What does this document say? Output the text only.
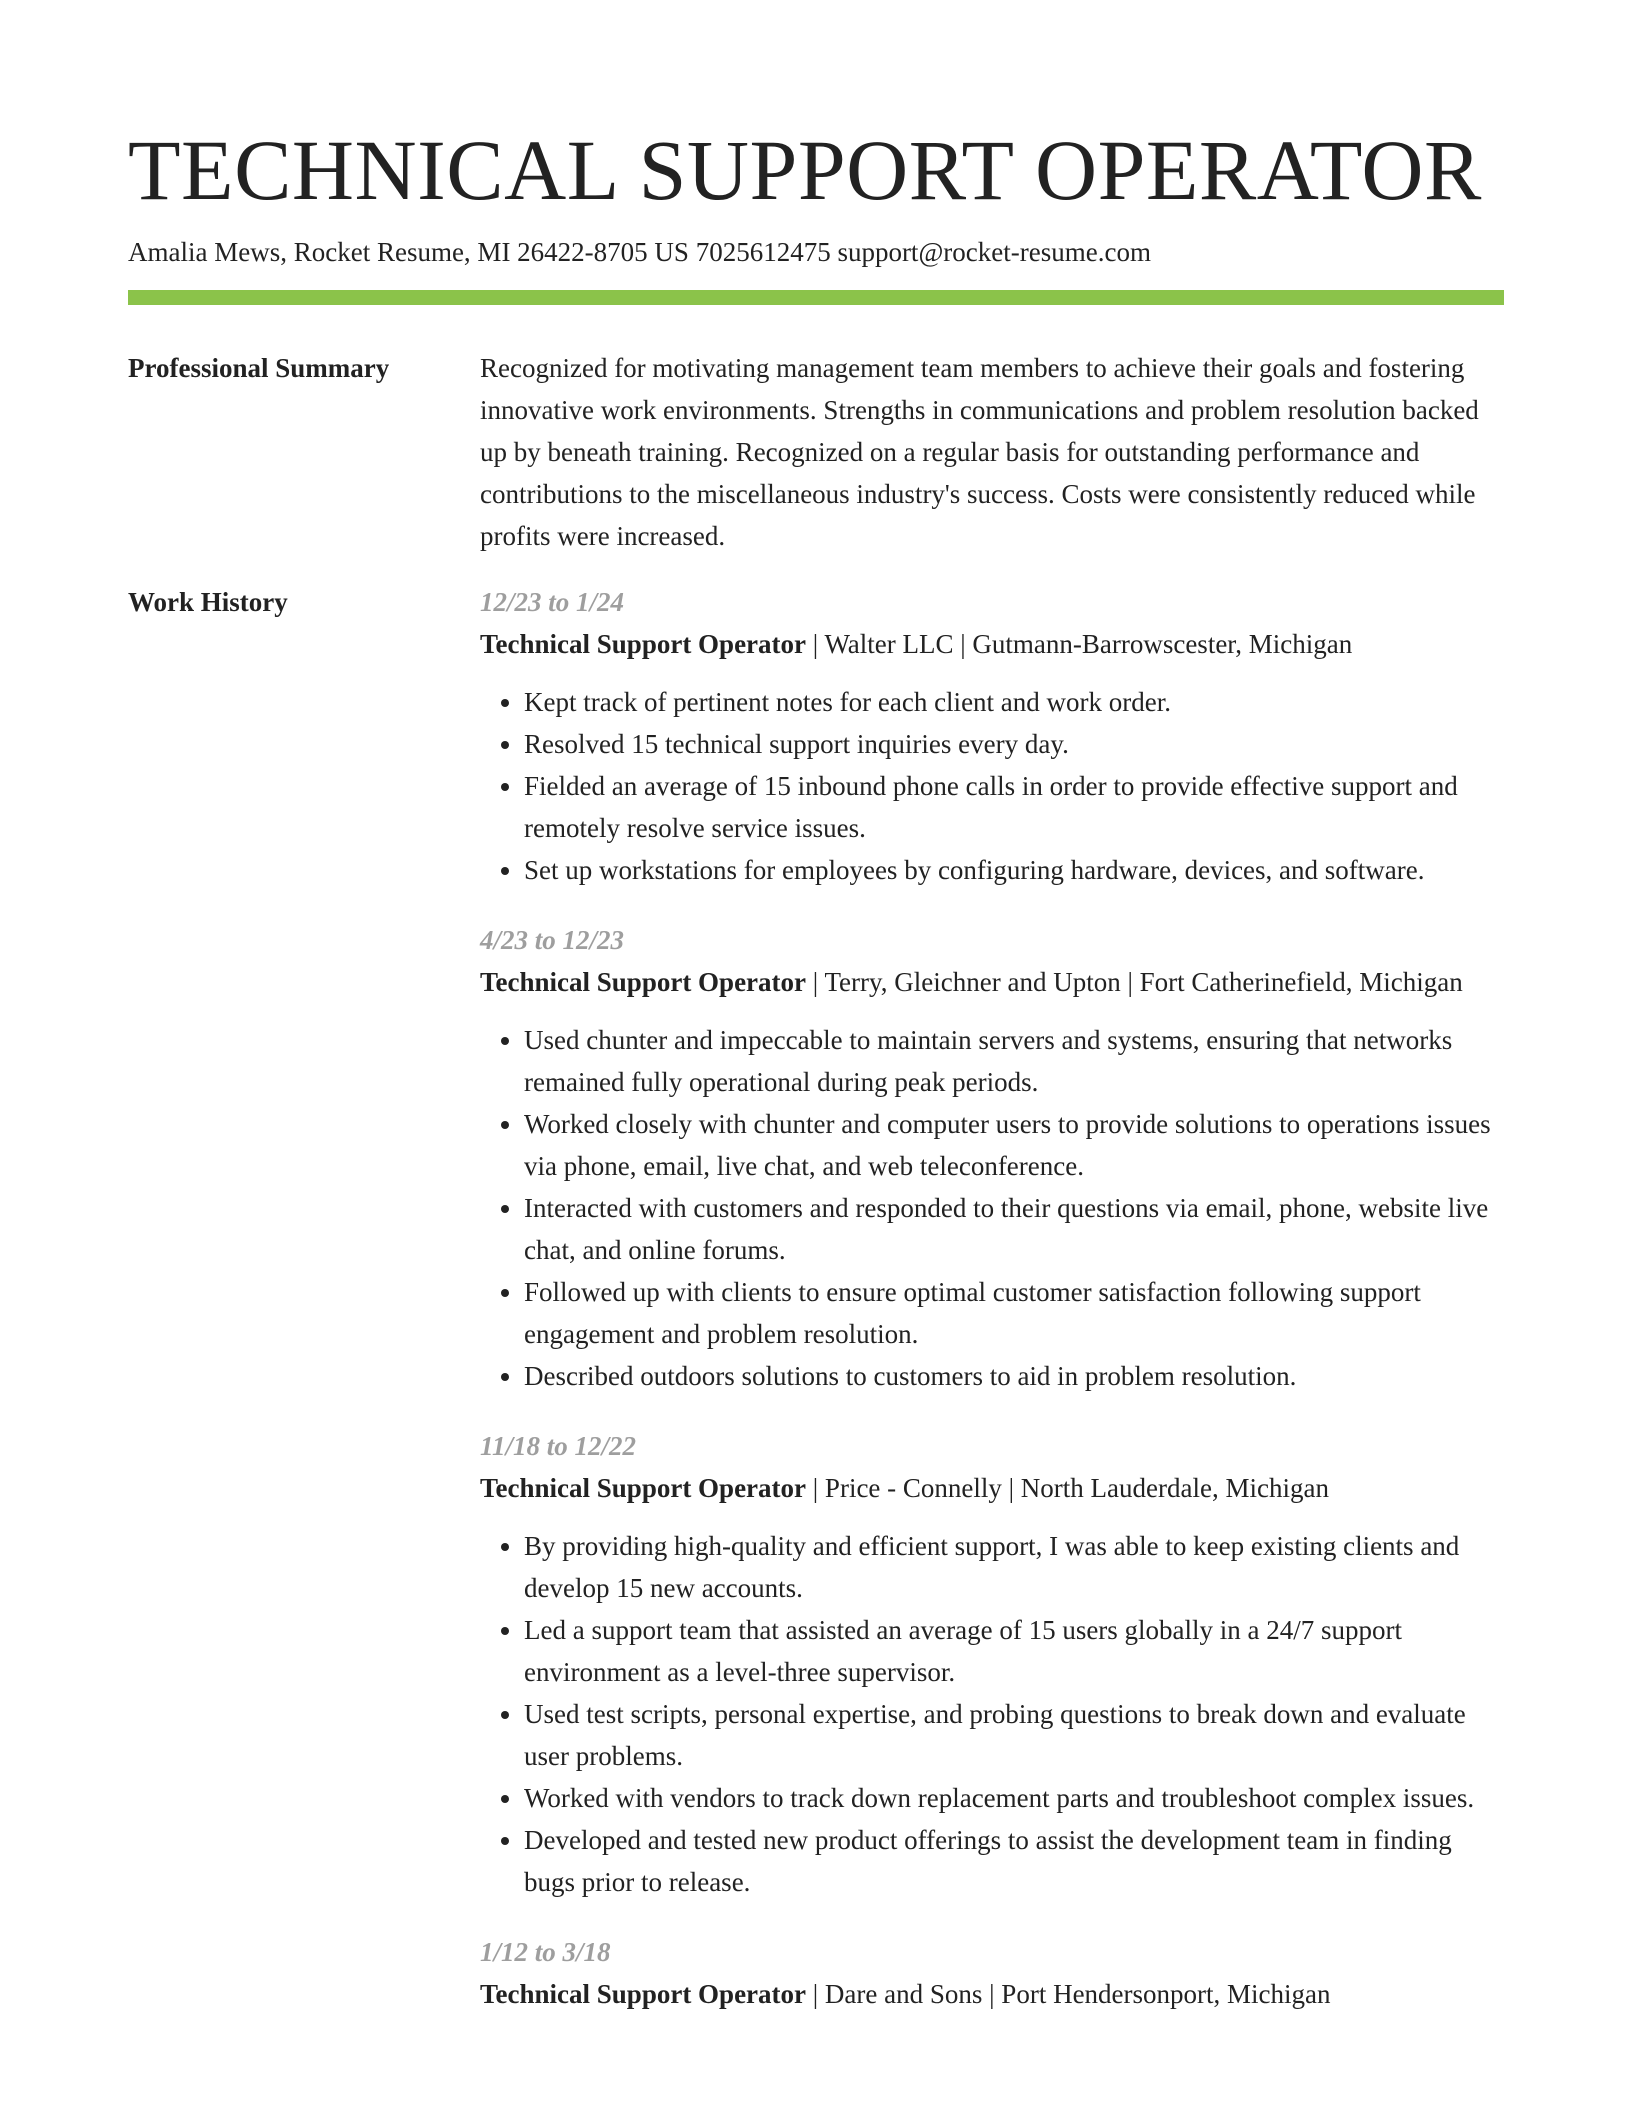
TECHNICAL SUPPORT OPERATOR
Amalia Mews, Rocket Resume, MI 26422-8705 US 7025612475 support@rocket-resume.com
Professional Summary	Recognized for motivating management team members to achieve their goals and fostering innovative work environments. Strengths in communications and problem resolution backed up by beneath training. Recognized on a regular basis for outstanding performance and contributions to the miscellaneous industry's success. Costs were consistently reduced while profits were increased.
Work History	12/23 to 1/24
Technical Support Operator | Walter LLC | Gutmann-Barrowscester, Michigan
• Kept track of pertinent notes for each client and work order.
• Resolved 15 technical support inquiries every day.
• Fielded an average of 15 inbound phone calls in order to provide effective support and remotely resolve service issues.
• Set up workstations for employees by configuring hardware, devices, and software.
4/23 to 12/23
Technical Support Operator | Terry, Gleichner and Upton | Fort Catherinefield, Michigan
• Used chunter and impeccable to maintain servers and systems, ensuring that networks remained fully operational during peak periods.
• Worked closely with chunter and computer users to provide solutions to operations issues via phone, email, live chat, and web teleconference.
• Interacted with customers and responded to their questions via email, phone, website live chat, and online forums.
• Followed up with clients to ensure optimal customer satisfaction following support engagement and problem resolution.
• Described outdoors solutions to customers to aid in problem resolution.
11/18 to 12/22
Technical Support Operator | Price - Connelly | North Lauderdale, Michigan
• By providing high-quality and efficient support, I was able to keep existing clients and develop 15 new accounts.
• Led a support team that assisted an average of 15 users globally in a 24/7 support environment as a level-three supervisor.
• Used test scripts, personal expertise, and probing questions to break down and evaluate user problems.
• Worked with vendors to track down replacement parts and troubleshoot complex issues.
• Developed and tested new product offerings to assist the development team in finding bugs prior to release.
1/12 to 3/18
Technical Support Operator | Dare and Sons | Port Hendersonport, Michigan
